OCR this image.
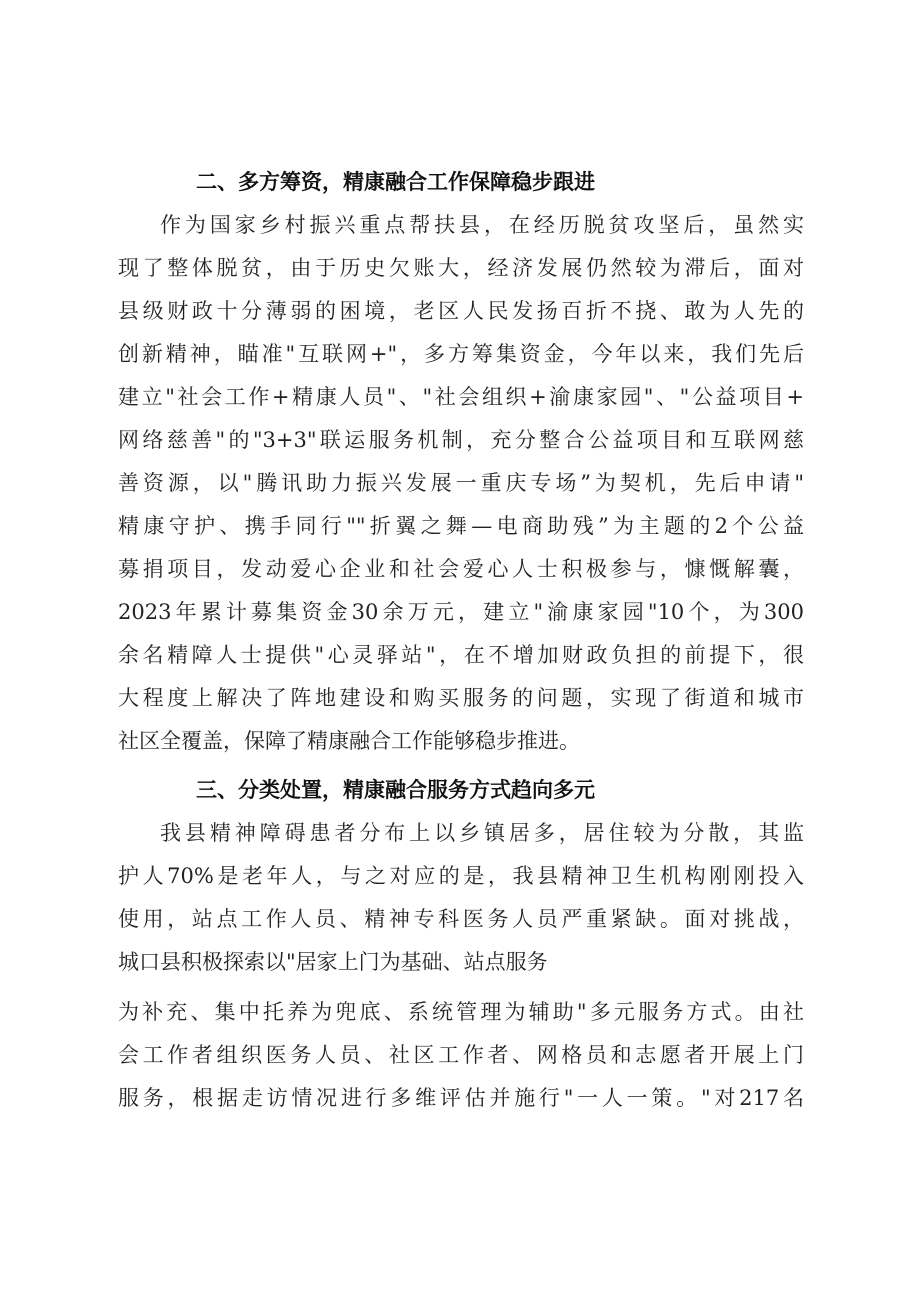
二、多方筹资，精康融合工作保障稳步跟进
作为国家乡村振兴重点帮扶县，在经历脱贫攻坚后，虽然实
现了整体脱贫，由于历史欠账大，经济发展仍然较为滞后，面对
县级财政十分薄弱的困境，老区人民发扬百折不挠、敢为人先的
创新精神，瞄准"互联网+"，多方筹集资金，今年以来，我们先后
建立"社会工作+精康人员"、"社会组织+渝康家园"、"公益项目+
网络慈善"的"3+3"联运服务机制，充分整合公益项目和互联网慈
善资源，以"腾讯助力振兴发展一重庆专场”为契机，先后申请"
精康守护、携手同行""折翼之舞—电商助残”为主题的2个公益
募捐项目，发动爱心企业和社会爱心人士积极参与，慷慨解囊，
2023年累计募集资金30余万元，建立"渝康家园"10个，为300
余名精障人士提供"心灵驿站"，在不增加财政负担的前提下，很
大程度上解决了阵地建设和购买服务的问题，实现了街道和城市
社区全覆盖，保障了精康融合工作能够稳步推进。
三、分类处置，精康融合服务方式趋向多元
我县精神障碍患者分布上以乡镇居多，居住较为分散，其监
护人70%是老年人，与之对应的是，我县精神卫生机构刚刚投入
使用，站点工作人员、精神专科医务人员严重紧缺。面对挑战，
城口县积极探索以"居家上门为基础、站点服务
为补充、集中托养为兜底、系统管理为辅助"多元服务方式。由社
会工作者组织医务人员、社区工作者、网格员和志愿者开展上门
服务，根据走访情况进行多维评估并施行"一人一策。"对217名
